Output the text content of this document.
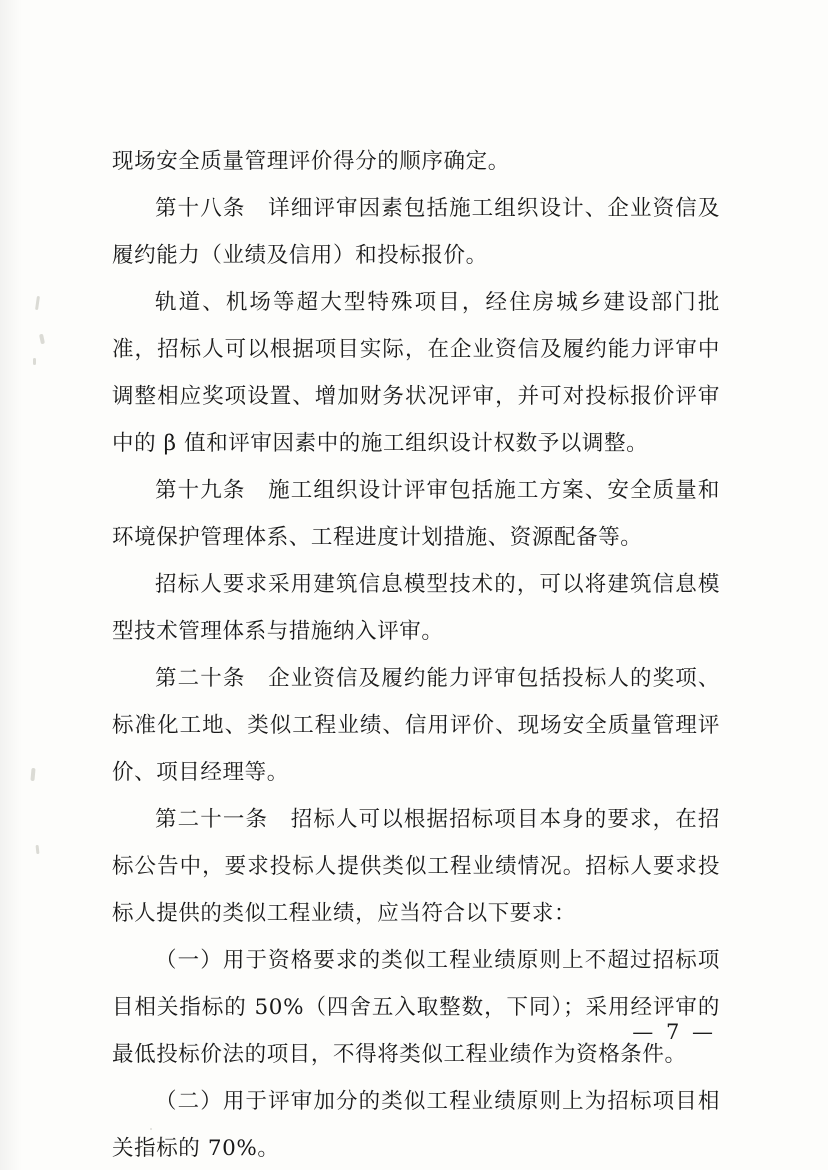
现场安全质量管理评价得分的顺序确定。

第十八条　详细评审因素包括施工组织设计、企业资信及履约能力（业绩及信用）和投标报价。

轨道、机场等超大型特殊项目，经住房城乡建设部门批准，招标人可以根据项目实际，在企业资信及履约能力评审中调整相应奖项设置、增加财务状况评审，并可对投标报价评审中的 β 值和评审因素中的施工组织设计权数予以调整。

第十九条　施工组织设计评审包括施工方案、安全质量和环境保护管理体系、工程进度计划措施、资源配备等。

招标人要求采用建筑信息模型技术的，可以将建筑信息模型技术管理体系与措施纳入评审。

第二十条　企业资信及履约能力评审包括投标人的奖项、标准化工地、类似工程业绩、信用评价、现场安全质量管理评价、项目经理等。

第二十一条　招标人可以根据招标项目本身的要求，在招标公告中，要求投标人提供类似工程业绩情况。招标人要求投标人提供的类似工程业绩，应当符合以下要求：

（一）用于资格要求的类似工程业绩原则上不超过招标项目相关指标的 50%（四舍五入取整数，下同）；采用经评审的最低投标价法的项目，不得将类似工程业绩作为资格条件。

（二）用于评审加分的类似工程业绩原则上为招标项目相关指标的 70%。

— 7 —
